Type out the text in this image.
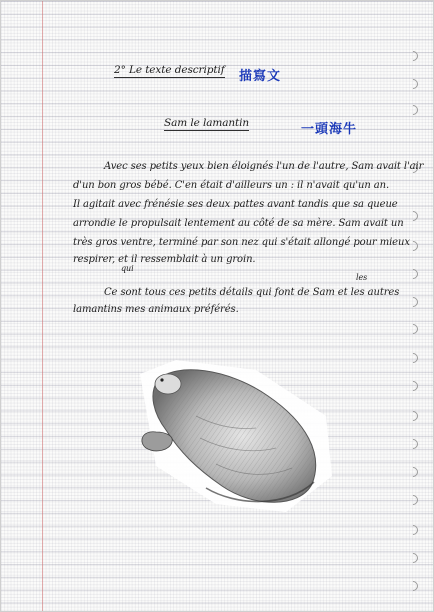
2° Le texte descriptif 描寫文
Sam le lamantin	一頭海牛
Avec ses petits yeux bien éloignés l'un de l'autre, Sam avait l'air
d'un bon gros bébé. C'en était d'ailleurs un : il n'avait qu'un an.
Il agitait avec frénésie ses deux pattes avant tandis que sa queue
arrondie le propulsait lentement au côté de sa mère. Sam avait un
très gros ventre, terminé par son nez qui s'était allongé pour mieux
respirer, et il ressemblait à un groin.
qui
les
Ce sont tous ces petits détails qui font de Sam et les autres
lamantins mes animaux préférés.
